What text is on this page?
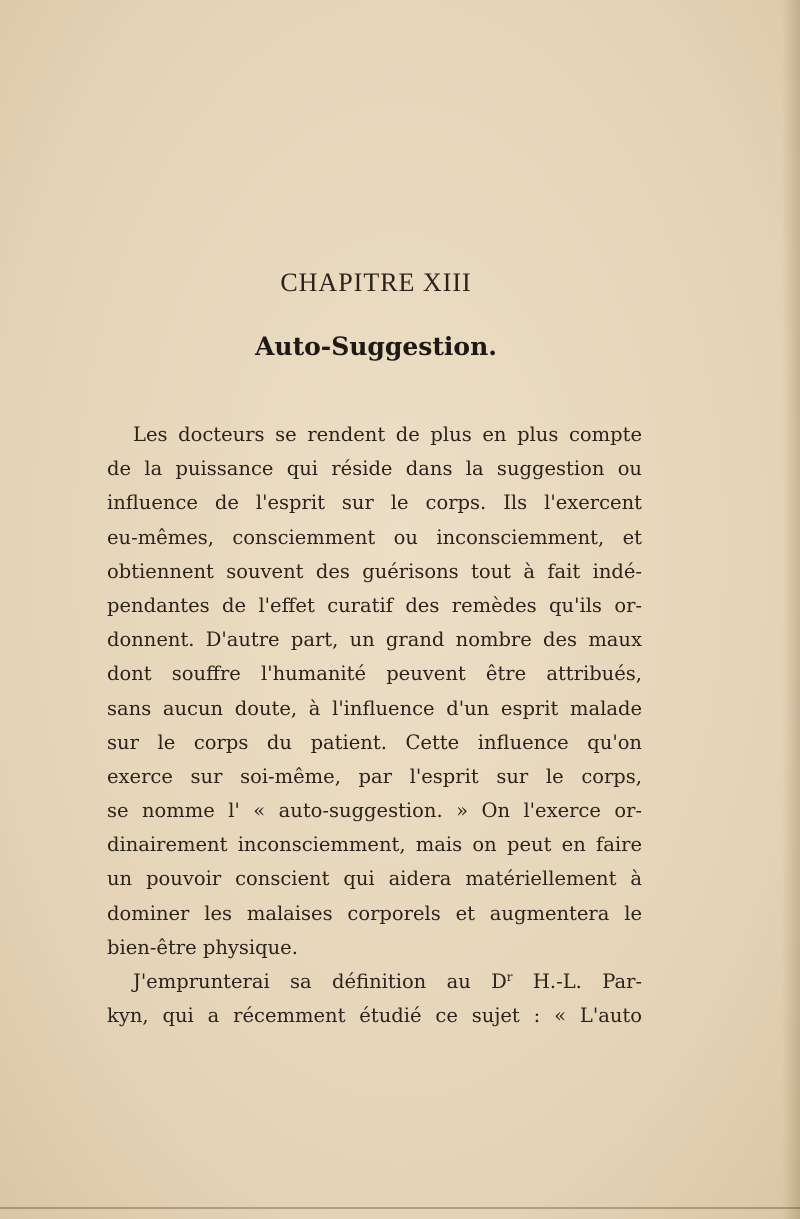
CHAPITRE XIII
Auto-Suggestion.
Les docteurs se rendent de plus en plus compte
de la puissance qui réside dans la suggestion ou
influence de l'esprit sur le corps. Ils l'exercent
eu-mêmes, consciemment ou inconsciemment, et
obtiennent souvent des guérisons tout à fait indé-
pendantes de l'effet curatif des remèdes qu'ils or-
donnent. D'autre part, un grand nombre des maux
dont souffre l'humanité peuvent être attribués,
sans aucun doute, à l'influence d'un esprit malade
sur le corps du patient. Cette influence qu'on
exerce sur soi-même, par l'esprit sur le corps,
se nomme l' « auto-suggestion. » On l'exerce or-
dinairement inconsciemment, mais on peut en faire
un pouvoir conscient qui aidera matériellement à
dominer les malaises corporels et augmentera le
bien-être physique.
J'emprunterai sa définition au $D^r$ H.-L. Par-
kyn, qui a récemment étudié ce sujet : « L'auto
